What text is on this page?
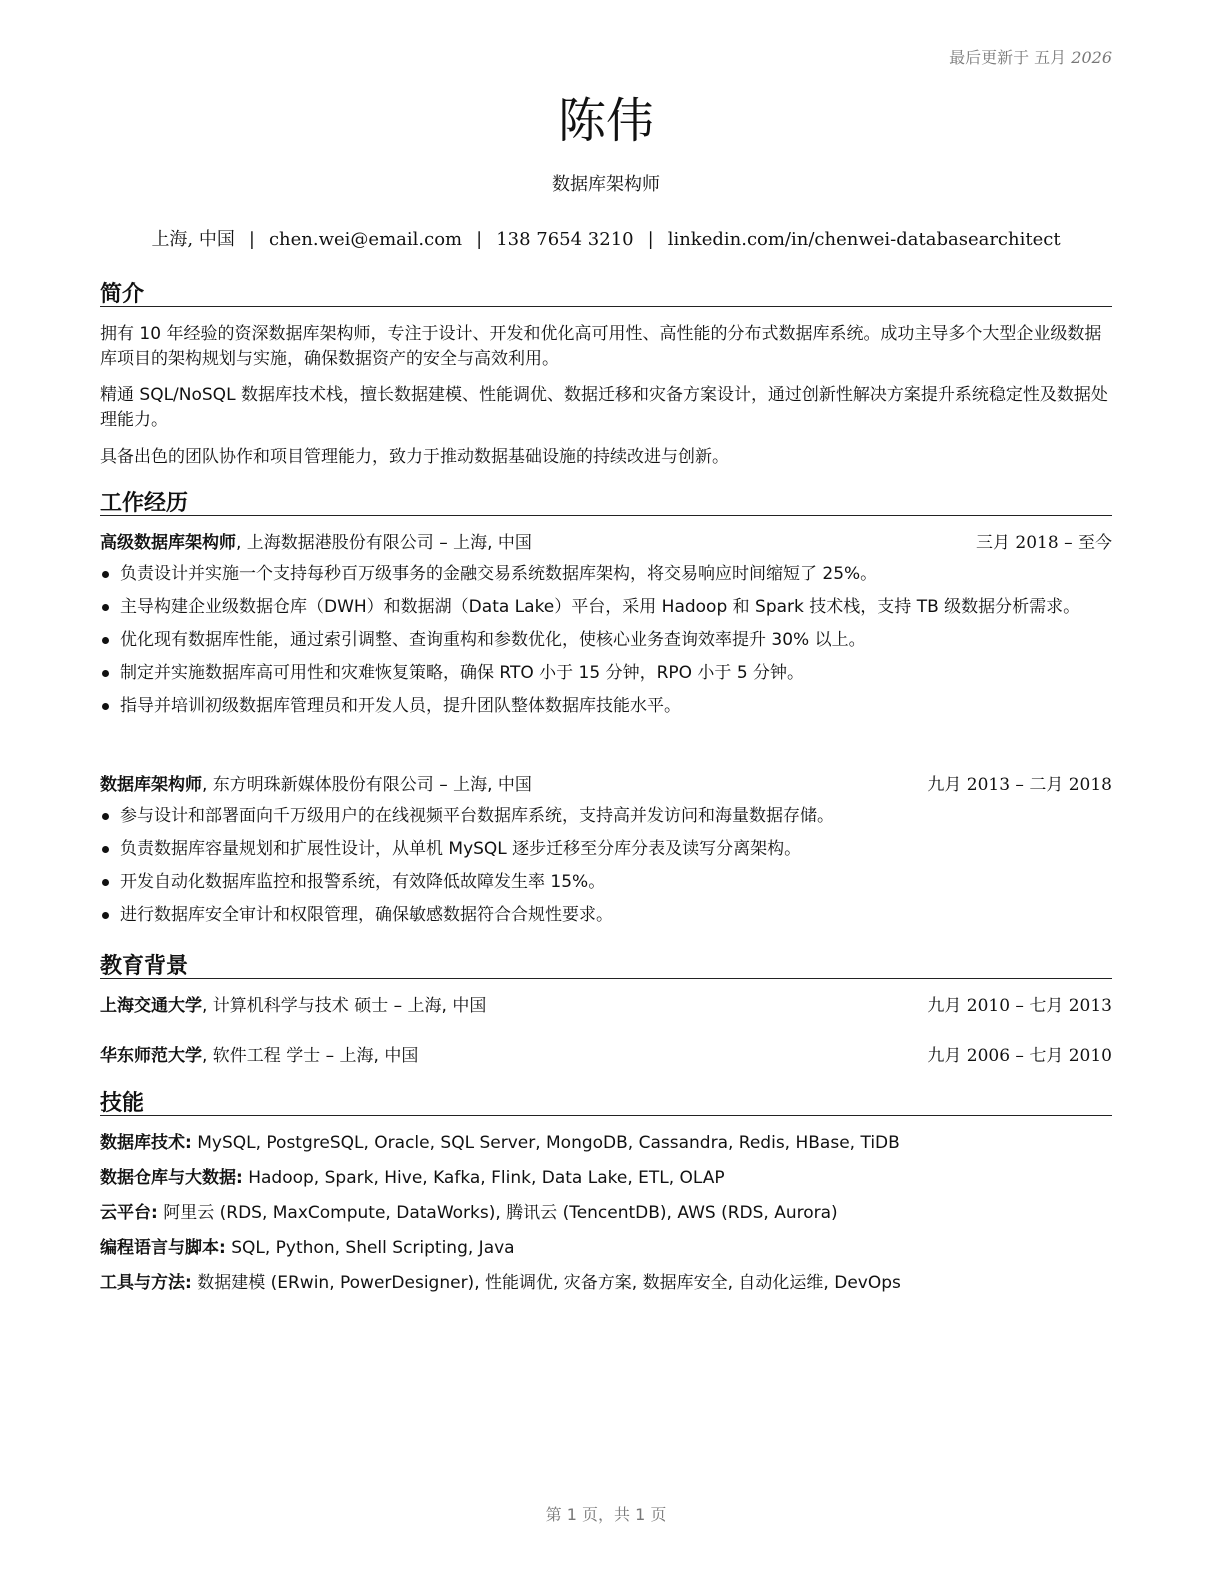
最后更新于 五月 2026
陈伟
数据库架构师
上海, 中国 | chen.wei@email.com | 138 7654 3210 | linkedin.com/in/chenwei-databasearchitect
简介
拥有 10 年经验的资深数据库架构师，专注于设计、开发和优化高可用性、高性能的分布式数据库系统。成功主导多个大型企业级数据库项目的架构规划与实施，确保数据资产的安全与高效利用。
精通 SQL/NoSQL 数据库技术栈，擅长数据建模、性能调优、数据迁移和灾备方案设计，通过创新性解决方案提升系统稳定性及数据处理能力。
具备出色的团队协作和项目管理能力，致力于推动数据基础设施的持续改进与创新。
工作经历
高级数据库架构师, 上海数据港股份有限公司 – 上海, 中国	三月 2018 – 至今
负责设计并实施一个支持每秒百万级事务的金融交易系统数据库架构，将交易响应时间缩短了 25%。
主导构建企业级数据仓库（DWH）和数据湖（Data Lake）平台，采用 Hadoop 和 Spark 技术栈，支持 TB 级数据分析需求。
优化现有数据库性能，通过索引调整、查询重构和参数优化，使核心业务查询效率提升 30% 以上。
制定并实施数据库高可用性和灾难恢复策略，确保 RTO 小于 15 分钟，RPO 小于 5 分钟。
指导并培训初级数据库管理员和开发人员，提升团队整体数据库技能水平。
数据库架构师, 东方明珠新媒体股份有限公司 – 上海, 中国	九月 2013 – 二月 2018
参与设计和部署面向千万级用户的在线视频平台数据库系统，支持高并发访问和海量数据存储。
负责数据库容量规划和扩展性设计，从单机 MySQL 逐步迁移至分库分表及读写分离架构。
开发自动化数据库监控和报警系统，有效降低故障发生率 15%。
进行数据库安全审计和权限管理，确保敏感数据符合合规性要求。
教育背景
上海交通大学, 计算机科学与技术 硕士 – 上海, 中国	九月 2010 – 七月 2013
华东师范大学, 软件工程 学士 – 上海, 中国	九月 2006 – 七月 2010
技能
数据库技术: MySQL, PostgreSQL, Oracle, SQL Server, MongoDB, Cassandra, Redis, HBase, TiDB
数据仓库与大数据: Hadoop, Spark, Hive, Kafka, Flink, Data Lake, ETL, OLAP
云平台: 阿里云 (RDS, MaxCompute, DataWorks), 腾讯云 (TencentDB), AWS (RDS, Aurora)
编程语言与脚本: SQL, Python, Shell Scripting, Java
工具与方法: 数据建模 (ERwin, PowerDesigner), 性能调优, 灾备方案, 数据库安全, 自动化运维, DevOps
第 1 页，共 1 页
